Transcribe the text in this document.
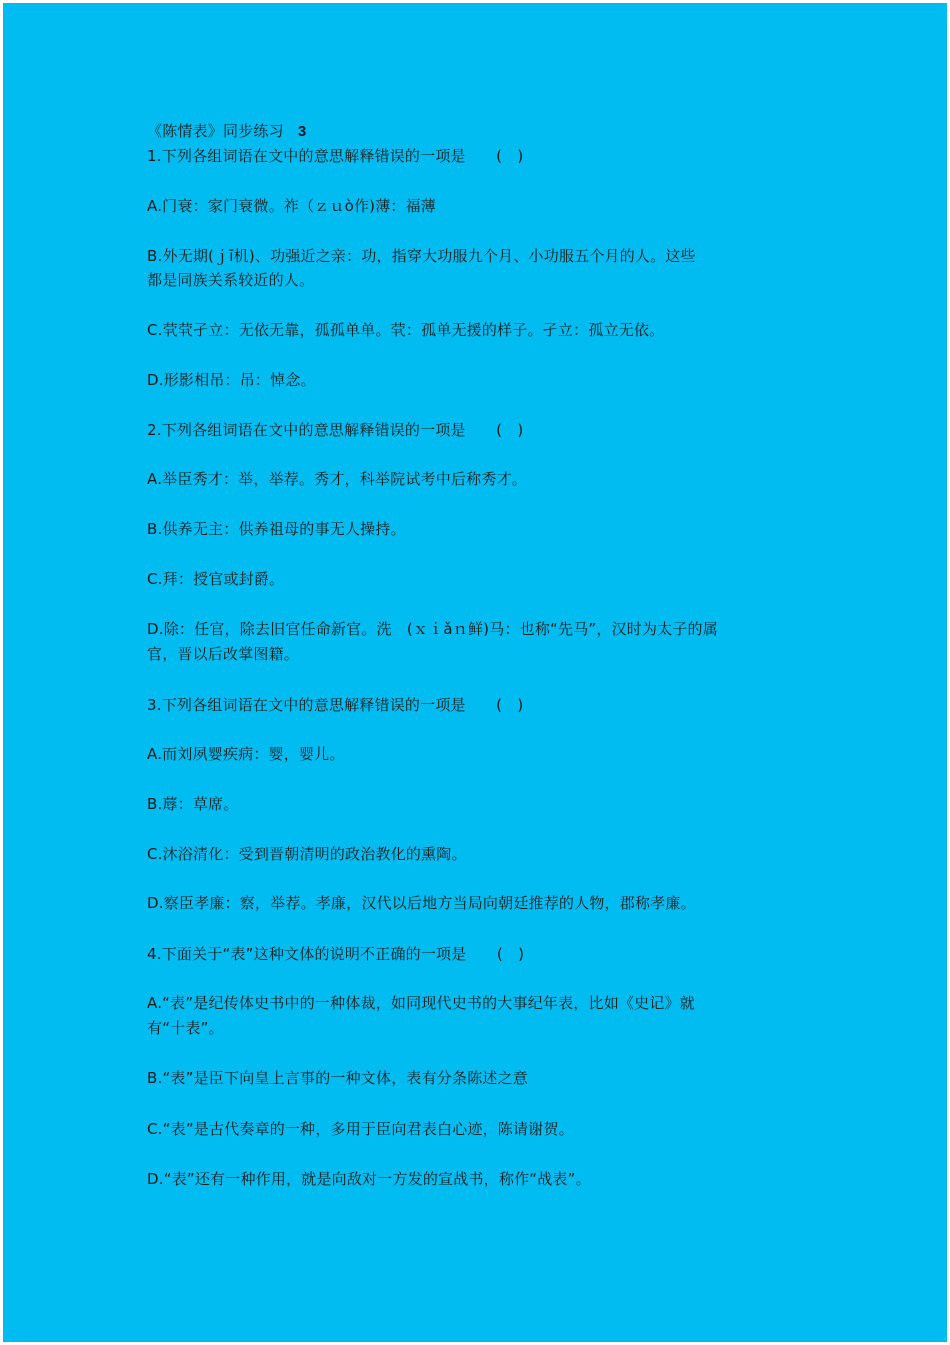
《陈情表》同步练习 3
1.下列各组词语在文中的意思解释错误的一项是　　(　)
A.门衰：家门衰微。祚（ｚｕò作)薄：福薄
B.外无期(ｊī机)、功强近之亲：功，指穿大功服九个月、小功服五个月的人。这些
都是同族关系较近的人。
C.茕茕孑立：无依无靠，孤孤单单。茕：孤单无援的样子。孑立：孤立无依。
D.形影相吊：吊：悼念。
2.下列各组词语在文中的意思解释错误的一项是　　(　)
A.举臣秀才：举，举荐。秀才，科举院试考中后称秀才。
B.供养无主：供养祖母的事无人操持。
C.拜：授官或封爵。
D.除：任官，除去旧官任命新官。洗　(ｘｉǎｎ鲜)马：也称“先马”，汉时为太子的属
官，晋以后改掌图籍。
3.下列各组词语在文中的意思解释错误的一项是　　(　)
A.而刘夙婴疾病：婴，婴儿。
B.蓐：草席。
C.沐浴清化：受到晋朝清明的政治教化的熏陶。
D.察臣孝廉：察，举荐。孝廉，汉代以后地方当局向朝廷推荐的人物，郡称孝廉。
4.下面关于“表”这种文体的说明不正确的一项是　　(　)
A.“表”是纪传体史书中的一种体裁，如同现代史书的大事纪年表，比如《史记》就
有“十表”。
B.“表”是臣下向皇上言事的一种文体，表有分条陈述之意
C.“表”是古代奏章的一种，多用于臣向君表白心迹，陈请谢贺。
D.“表”还有一种作用，就是向敌对一方发的宣战书，称作“战表”。
